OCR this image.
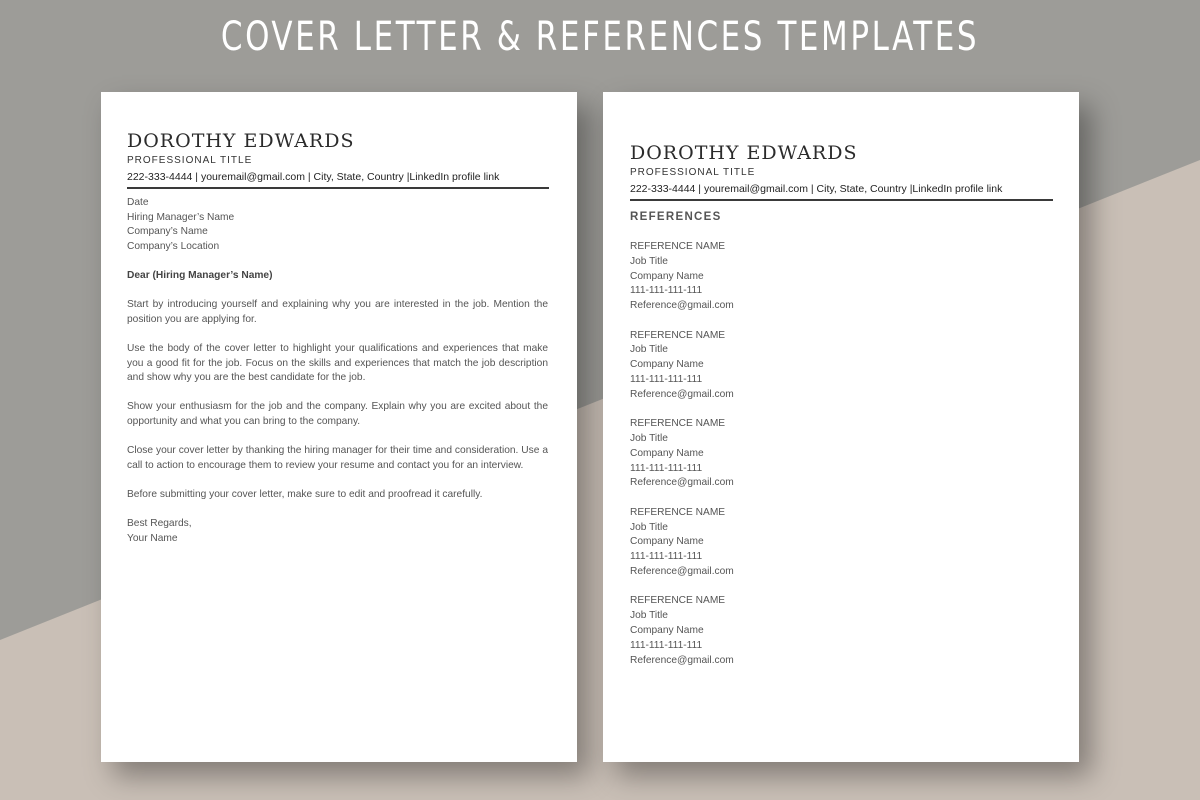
COVER LETTER & REFERENCES TEMPLATES
DOROTHY EDWARDS
PROFESSIONAL TITLE
222-333-4444 | youremail@gmail.com | City, State, Country |LinkedIn profile link
Date
Hiring Manager’s Name
Company’s Name
Company’s Location

Dear (Hiring Manager’s Name)

Start by introducing yourself and explaining why you are interested in the job. Mention the position you are applying for.

Use the body of the cover letter to highlight your qualifications and experiences that make you a good fit for the job. Focus on the skills and experiences that match the job description and show why you are the best candidate for the job.

Show your enthusiasm for the job and the company. Explain why you are excited about the opportunity and what you can bring to the company.

Close your cover letter by thanking the hiring manager for their time and consideration. Use a call to action to encourage them to review your resume and contact you for an interview.

Before submitting your cover letter, make sure to edit and proofread it carefully.

Best Regards,
Your Name
DOROTHY EDWARDS
PROFESSIONAL TITLE
222-333-4444 | youremail@gmail.com | City, State, Country |LinkedIn profile link
REFERENCES
REFERENCE NAME
Job Title
Company Name
111-111-111-111
Reference@gmail.com
REFERENCE NAME
Job Title
Company Name
111-111-111-111
Reference@gmail.com
REFERENCE NAME
Job Title
Company Name
111-111-111-111
Reference@gmail.com
REFERENCE NAME
Job Title
Company Name
111-111-111-111
Reference@gmail.com
REFERENCE NAME
Job Title
Company Name
111-111-111-111
Reference@gmail.com
